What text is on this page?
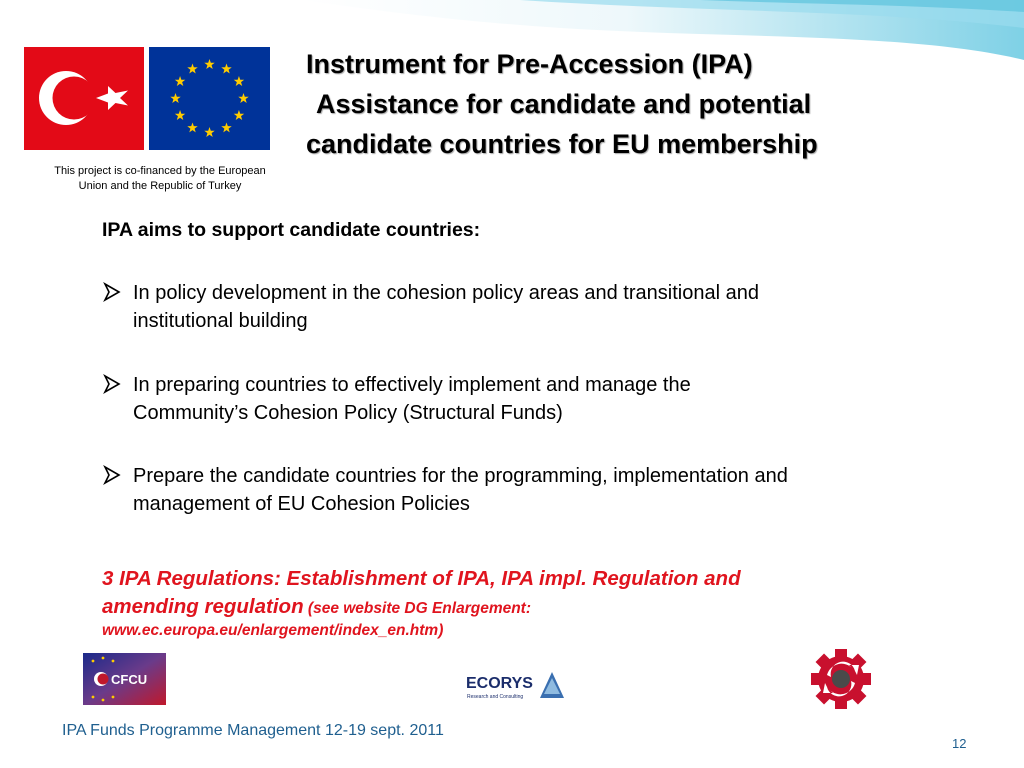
This project is co-financed by the European
Union and the Republic of Turkey
Instrument for Pre-Accession (IPA)
Assistance for candidate and potential
candidate countries for EU membership
IPA aims to support candidate countries:
In policy development in the cohesion policy areas and transitional and
institutional building
In preparing countries to effectively implement and manage the
Community’s Cohesion Policy (Structural Funds)
Prepare the candidate countries for the programming, implementation and
management of EU Cohesion Policies
3 IPA Regulations: Establishment of IPA, IPA impl. Regulation and
amending regulation (see website DG Enlargement:
www.ec.europa.eu/enlargement/index_en.htm)
CFCU	ECORYS
Research and Consulting
IPA Funds Programme Management 12-19 sept. 2011
12
